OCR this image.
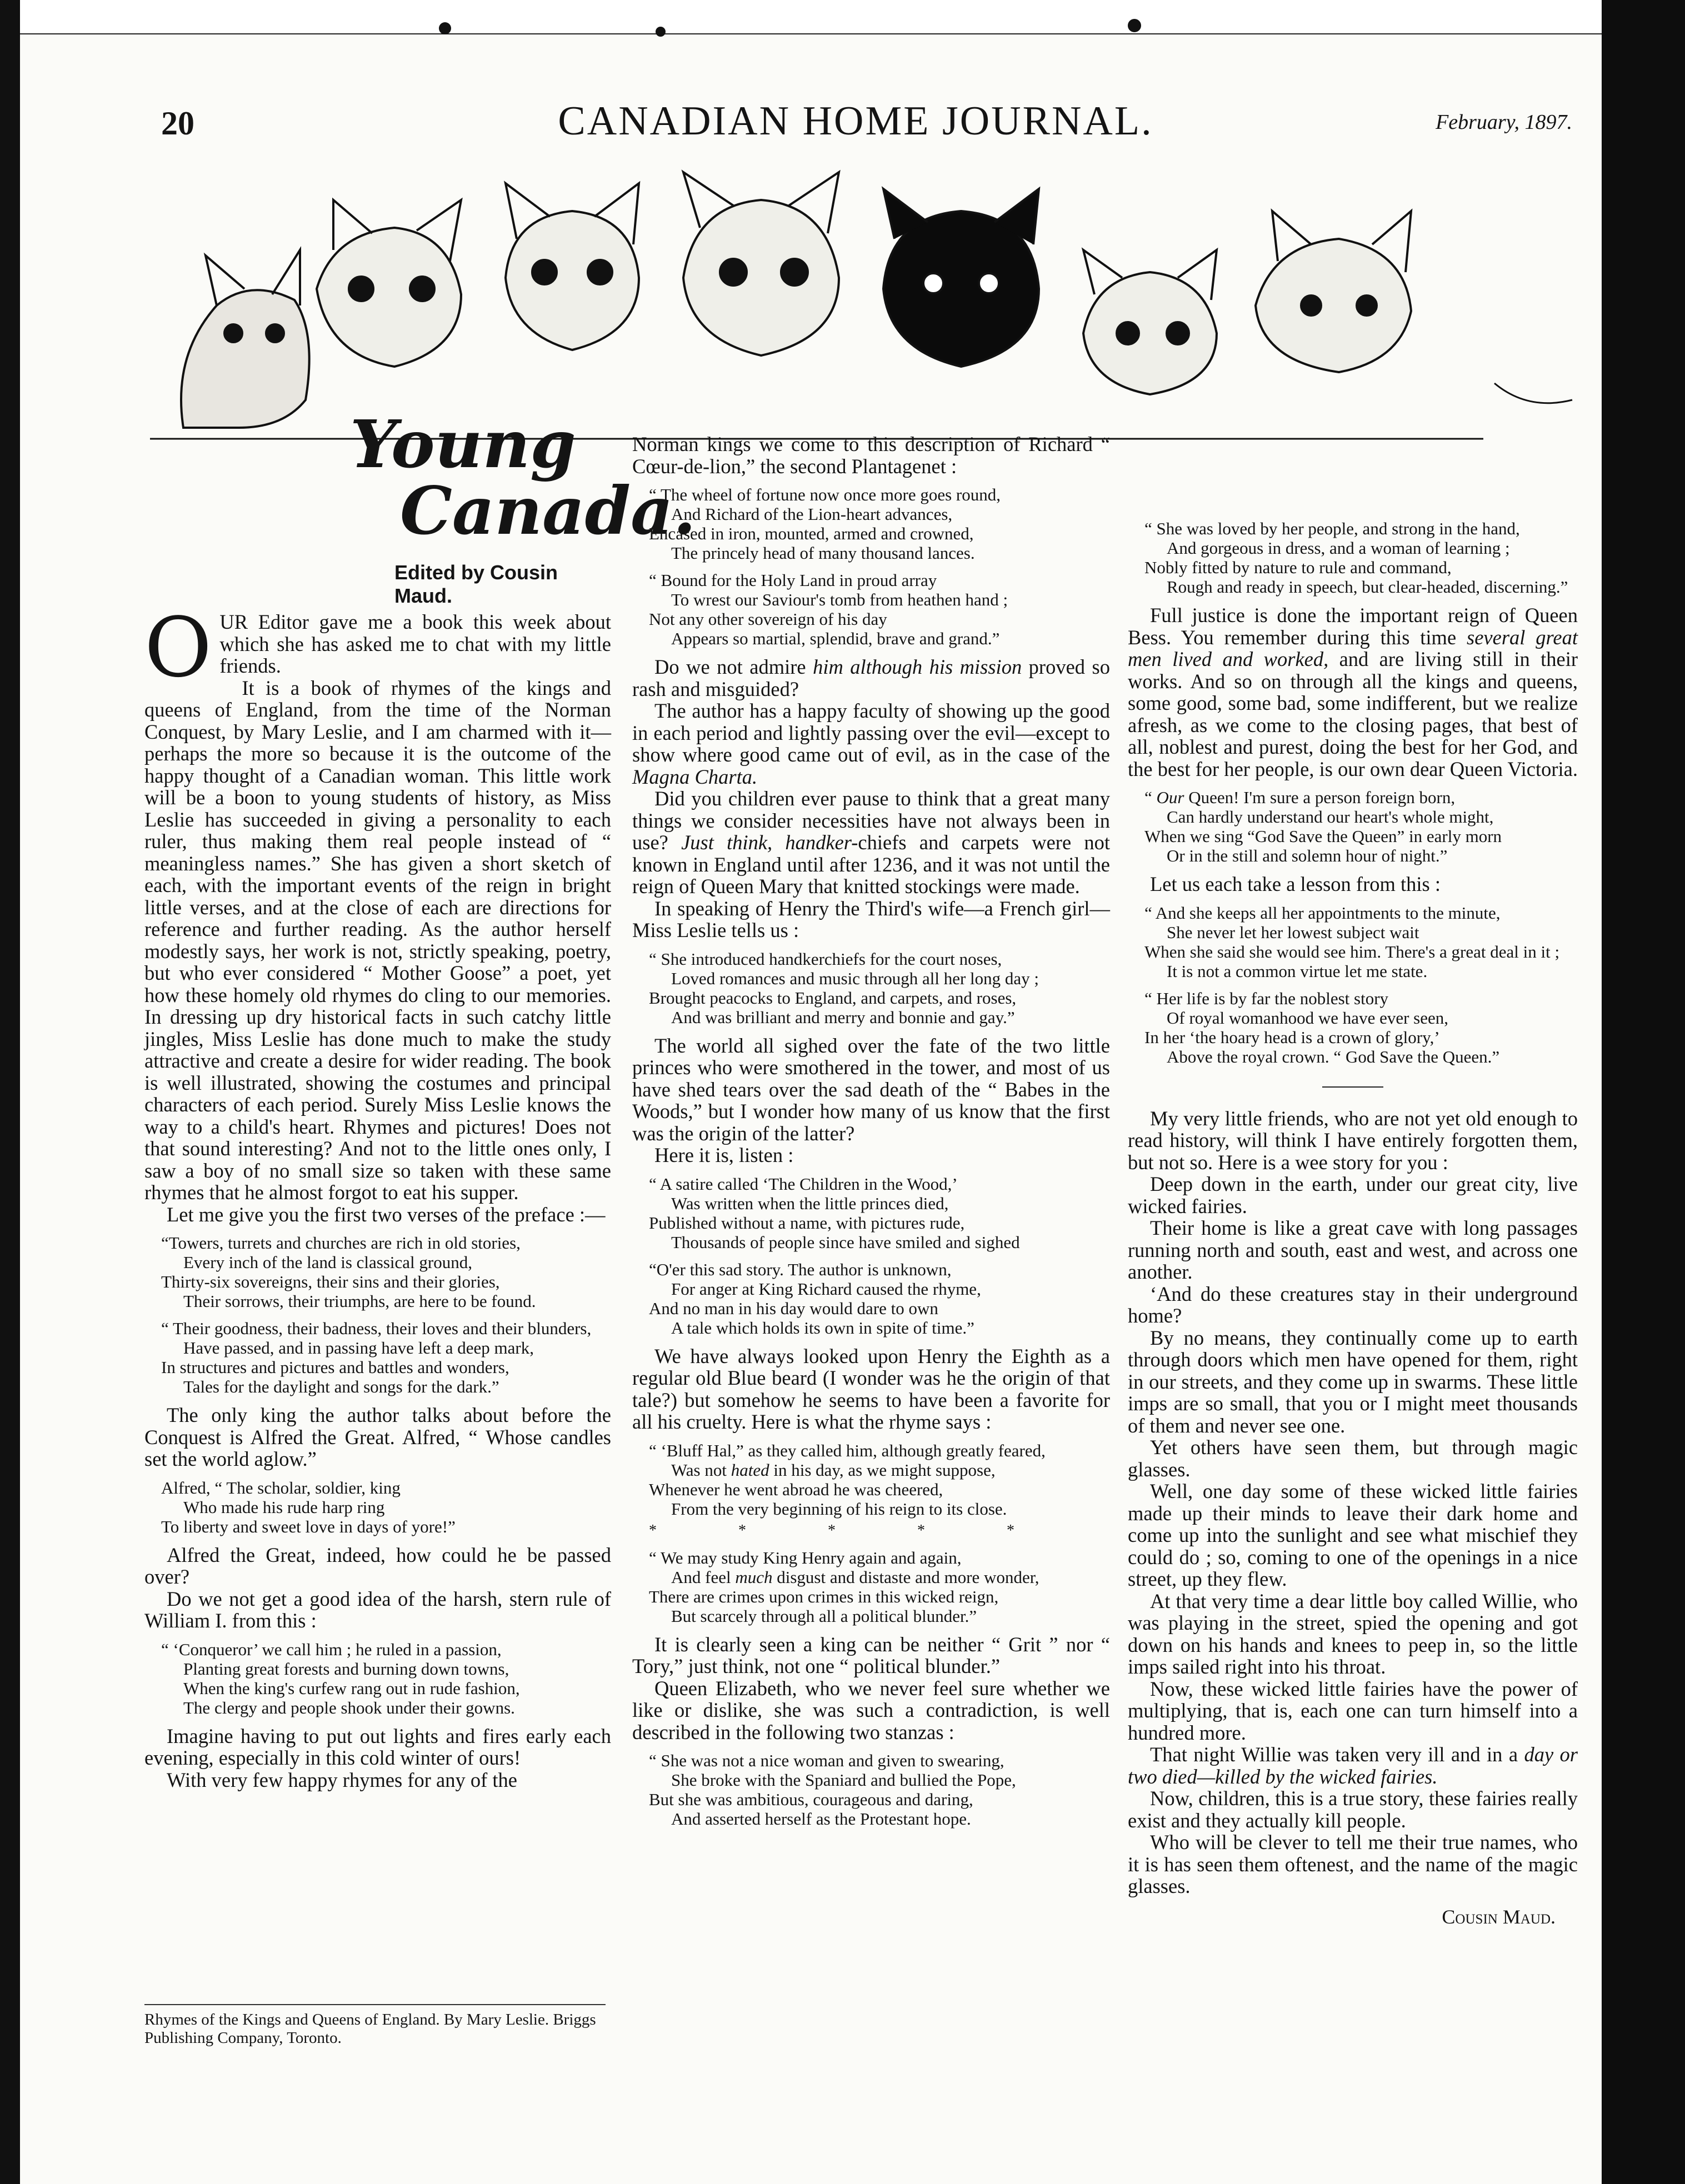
20	CANADIAN HOME JOURNAL.	February, 1897.
Young
Canada.
Edited by Cousin Maud.

OUR Editor gave me a book this week about which she has asked me to chat with my little friends.

It is a book of rhymes of the kings and queens of England, from the time of the Norman Conquest, by Mary Leslie, and I am charmed with it—perhaps the more so because it is the outcome of the happy thought of a Canadian woman. This little work will be a boon to young students of history, as Miss Leslie has succeeded in giving a personality to each ruler, thus making them real people instead of “ meaningless names.” She has given a short sketch of each, with the important events of the reign in bright little verses, and at the close of each are directions for reference and further reading. As the author herself modestly says, her work is not, strictly speaking, poetry, but who ever considered “ Mother Goose” a poet, yet how these homely old rhymes do cling to our memories. In dressing up dry historical facts in such catchy little jingles, Miss Leslie has done much to make the study attractive and create a desire for wider reading. The book is well illustrated, showing the costumes and principal characters of each period. Surely Miss Leslie knows the way to a child's heart. Rhymes and pictures! Does not that sound interesting? And not to the little ones only, I saw a boy of no small size so taken with these same rhymes that he almost forgot to eat his supper.

Let me give you the first two verses of the preface :—

“Towers, turrets and churches are rich in old stories,
Every inch of the land is classical ground,
Thirty-six sovereigns, their sins and their glories,
Their sorrows, their triumphs, are here to be found.
“ Their goodness, their badness, their loves and their blunders,
Have passed, and in passing have left a deep mark,
In structures and pictures and battles and wonders,
Tales for the daylight and songs for the dark.”

The only king the author talks about before the Conquest is Alfred the Great. Alfred, “ Whose candles set the world aglow.”

Alfred, “ The scholar, soldier, king
Who made his rude harp ring
To liberty and sweet love in days of yore!”

Alfred the Great, indeed, how could he be passed over?

Do we not get a good idea of the harsh, stern rule of William I. from this :

“ ‘Conqueror’ we call him ; he ruled in a passion,
Planting great forests and burning down towns,
When the king's curfew rang out in rude fashion,
The clergy and people shook under their gowns.

Imagine having to put out lights and fires early each evening, especially in this cold winter of ours!

With very few happy rhymes for any of the

Rhymes of the Kings and Queens of England. By Mary Leslie. Briggs Publishing Company, Toronto.

Norman kings we come to this description of Richard “ Cœur-de-lion,” the second Plantagenet :

“ The wheel of fortune now once more goes round,
And Richard of the Lion-heart advances,
Encased in iron, mounted, armed and crowned,
The princely head of many thousand lances.
“ Bound for the Holy Land in proud array
To wrest our Saviour's tomb from heathen hand ;
Not any other sovereign of his day
Appears so martial, splendid, brave and grand.”

Do we not admire him although his mission proved so rash and misguided?

The author has a happy faculty of showing up the good in each period and lightly passing over the evil—except to show where good came out of evil, as in the case of the Magna Charta.

Did you children ever pause to think that a great many things we consider necessities have not always been in use? Just think, handker-chiefs and carpets were not known in England until after 1236, and it was not until the reign of Queen Mary that knitted stockings were made.

In speaking of Henry the Third's wife—a French girl—Miss Leslie tells us :

“ She introduced handkerchiefs for the court noses,
Loved romances and music through all her long day ;
Brought peacocks to England, and carpets, and roses,
And was brilliant and merry and bonnie and gay.”

The world all sighed over the fate of the two little princes who were smothered in the tower, and most of us have shed tears over the sad death of the “ Babes in the Woods,” but I wonder how many of us know that the first was the origin of the latter?

Here it is, listen :

“ A satire called ‘The Children in the Wood,’
Was written when the little princes died,
Published without a name, with pictures rude,
Thousands of people since have smiled and sighed
“O'er this sad story. The author is unknown,
For anger at King Richard caused the rhyme,
And no man in his day would dare to own
A tale which holds its own in spite of time.”

We have always looked upon Henry the Eighth as a regular old Blue beard (I wonder was he the origin of that tale?) but somehow he seems to have been a favorite for all his cruelty. Here is what the rhyme says :

“ ‘Bluff Hal,” as they called him, although greatly feared,
Was not hated in his day, as we might suppose,
Whenever he went abroad he was cheered,
From the very beginning of his reign to its close.
* * * * *
“ We may study King Henry again and again,
And feel much disgust and distaste and more wonder,
There are crimes upon crimes in this wicked reign,
But scarcely through all a political blunder.”

It is clearly seen a king can be neither “ Grit ” nor “ Tory,” just think, not one “ political blunder.”

Queen Elizabeth, who we never feel sure whether we like or dislike, she was such a contradiction, is well described in the following two stanzas :

“ She was not a nice woman and given to swearing,
She broke with the Spaniard and bullied the Pope,
But she was ambitious, courageous and daring,
And asserted herself as the Protestant hope.
“ She was loved by her people, and strong in the hand,
And gorgeous in dress, and a woman of learning ;
Nobly fitted by nature to rule and command,
Rough and ready in speech, but clear-headed, discerning.”

Full justice is done the important reign of Queen Bess. You remember during this time several great men lived and worked, and are living still in their works. And so on through all the kings and queens, some good, some bad, some indifferent, but we realize afresh, as we come to the closing pages, that best of all, noblest and purest, doing the best for her God, and the best for her people, is our own dear Queen Victoria.

“ Our Queen! I'm sure a person foreign born,
Can hardly understand our heart's whole might,
When we sing “God Save the Queen” in early morn
Or in the still and solemn hour of night.”

Let us each take a lesson from this :

“ And she keeps all her appointments to the minute,
She never let her lowest subject wait
When she said she would see him. There's a great deal in it ;
It is not a common virtue let me state.
“ Her life is by far the noblest story
Of royal womanhood we have ever seen,
In her ‘the hoary head is a crown of glory,’
Above the royal crown. “ God Save the Queen.”

My very little friends, who are not yet old enough to read history, will think I have entirely forgotten them, but not so. Here is a wee story for you :

Deep down in the earth, under our great city, live wicked fairies.

Their home is like a great cave with long passages running north and south, east and west, and across one another.

‘And do these creatures stay in their underground home?

By no means, they continually come up to earth through doors which men have opened for them, right in our streets, and they come up in swarms. These little imps are so small, that you or I might meet thousands of them and never see one.

Yet others have seen them, but through magic glasses.

Well, one day some of these wicked little fairies made up their minds to leave their dark home and come up into the sunlight and see what mischief they could do ; so, coming to one of the openings in a nice street, up they flew.

At that very time a dear little boy called Willie, who was playing in the street, spied the opening and got down on his hands and knees to peep in, so the little imps sailed right into his throat.

Now, these wicked little fairies have the power of multiplying, that is, each one can turn himself into a hundred more.

That night Willie was taken very ill and in a day or two died—killed by the wicked fairies.

Now, children, this is a true story, these fairies really exist and they actually kill people.

Who will be clever to tell me their true names, who it is has seen them oftenest, and the name of the magic glasses.

Cousin Maud.
